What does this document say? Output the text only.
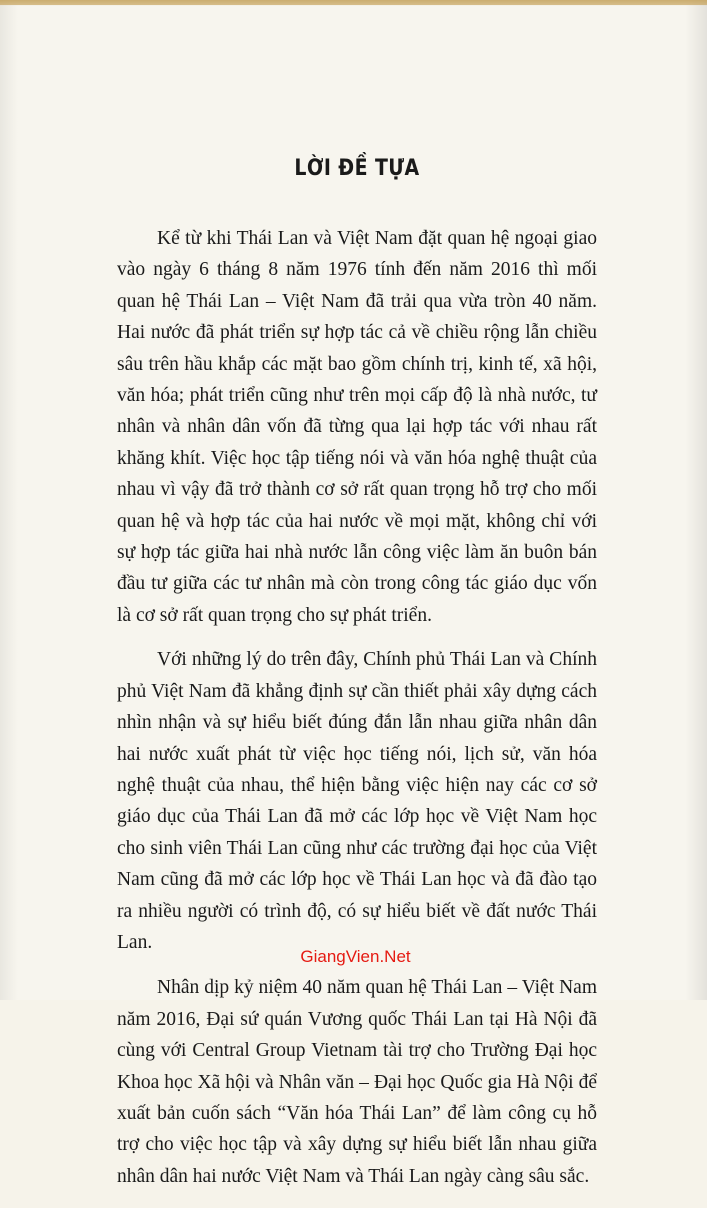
LỜI ĐỀ TỰA

Kể từ khi Thái Lan và Việt Nam đặt quan hệ ngoại giao vào ngày 6 tháng 8 năm 1976 tính đến năm 2016 thì mối quan hệ Thái Lan – Việt Nam đã trải qua vừa tròn 40 năm. Hai nước đã phát triển sự hợp tác cả về chiều rộng lẫn chiều sâu trên hầu khắp các mặt bao gồm chính trị, kinh tế, xã hội, văn hóa; phát triển cũng như trên mọi cấp độ là nhà nước, tư nhân và nhân dân vốn đã từng qua lại hợp tác với nhau rất khăng khít. Việc học tập tiếng nói và văn hóa nghệ thuật của nhau vì vậy đã trở thành cơ sở rất quan trọng hỗ trợ cho mối quan hệ và hợp tác của hai nước về mọi mặt, không chỉ với sự hợp tác giữa hai nhà nước lẫn công việc làm ăn buôn bán đầu tư giữa các tư nhân mà còn trong công tác giáo dục vốn là cơ sở rất quan trọng cho sự phát triển.

Với những lý do trên đây, Chính phủ Thái Lan và Chính phủ Việt Nam đã khẳng định sự cần thiết phải xây dựng cách nhìn nhận và sự hiểu biết đúng đắn lẫn nhau giữa nhân dân hai nước xuất phát từ việc học tiếng nói, lịch sử, văn hóa nghệ thuật của nhau, thể hiện bằng việc hiện nay các cơ sở giáo dục của Thái Lan đã mở các lớp học về Việt Nam học cho sinh viên Thái Lan cũng như các trường đại học của Việt Nam cũng đã mở các lớp học về Thái Lan học và đã đào tạo ra nhiều người có trình độ, có sự hiểu biết về đất nước Thái Lan.

Nhân dịp kỷ niệm 40 năm quan hệ Thái Lan – Việt Nam năm 2016, Đại sứ quán Vương quốc Thái Lan tại Hà Nội đã cùng với Central Group Vietnam tài trợ cho Trường Đại học Khoa học Xã hội và Nhân văn – Đại học Quốc gia Hà Nội để xuất bản cuốn sách “Văn hóa Thái Lan” để làm công cụ hỗ trợ cho việc học tập và xây dựng sự hiểu biết lẫn nhau giữa nhân dân hai nước Việt Nam và Thái Lan ngày càng sâu sắc.

GiangVien.Net
